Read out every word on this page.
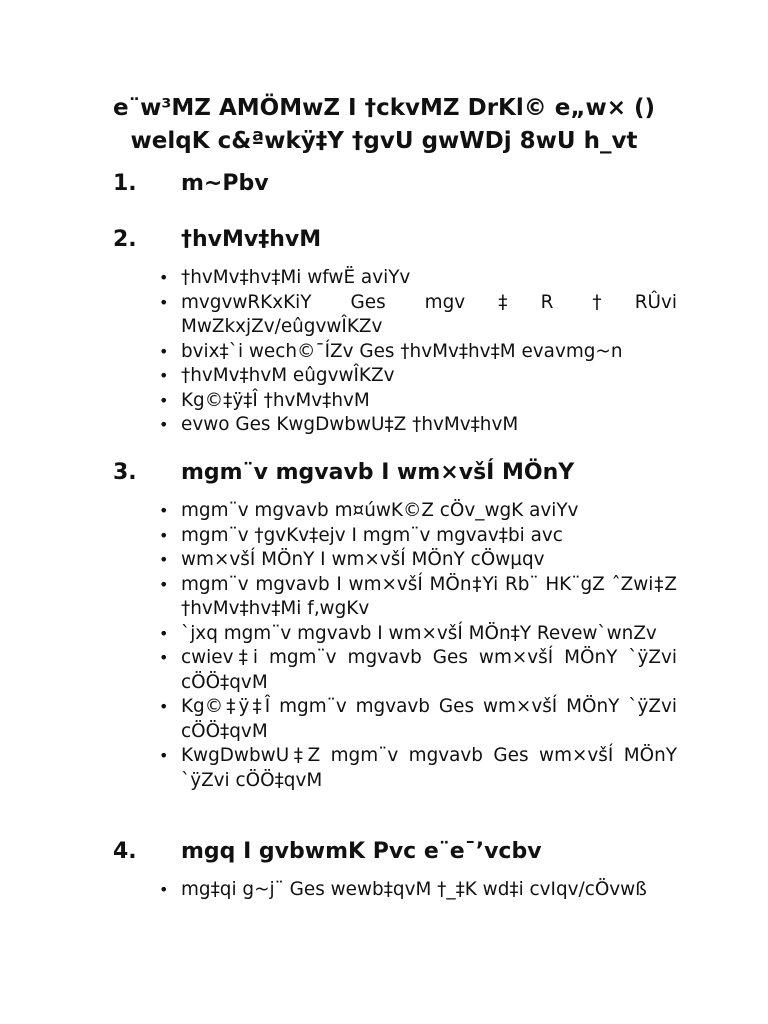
e¨w³MZ AMÖMwZ I †ckvMZ DrKl© e„w× () welqK c&ªwkÿ‡Y †gvU gwWDj 8wU h_vt
1.	m~Pbv
2.	†hvMv‡hvM
• †hvMv‡hv‡Mi wfwË aviYv
• mvgvwRKxKiY Ges mgv‡R †RÛvi MwZkxjZv/eûgvwÎKZv
• bvix‡`i wech©¯ÍZv Ges †hvMv‡hv‡M evavmg~n
• †hvMv‡hvM eûgvwÎKZv
• Kg©‡ÿ‡Î †hvMv‡hvM
• evwo Ges KwgDwbwU‡Z †hvMv‡hvM
3.	mgm¨v mgvavb I wm×všÍ MÖnY
• mgm¨v mgvavb m¤úwK©Z cÖv_wgK aviYv
• mgm¨v †gvKv‡ejv I mgm¨v mgvav‡bi avc
• wm×všÍ MÖnY I wm×všÍ MÖnY cÖwµqv
• mgm¨v mgvavb I wm×všÍ MÖn‡Yi Rb¨ HK¨gZ ˆZwi‡Z †hvMv‡hv‡Mi f‚wgKv
• `jxq mgm¨v mgvavb I wm×všÍ MÖn‡Y Revew`wnZv
• cwiev‡i mgm¨v mgvavb Ges wm×všÍ MÖnY `ÿZvi cÖÖ‡qvM
• Kg©‡ÿ‡Î mgm¨v mgvavb Ges wm×všÍ MÖnY `ÿZvi cÖÖ‡qvM
• KwgDwbwU‡Z mgm¨v mgvavb Ges wm×všÍ MÖnY `ÿZvi cÖÖ‡qvM
4.	mgq I gvbwmK Pvc e¨e¯’vcbv
• mg‡qi g~j¨ Ges wewb‡qvM †_‡K wd‡i cvIqv/cÖvwß
